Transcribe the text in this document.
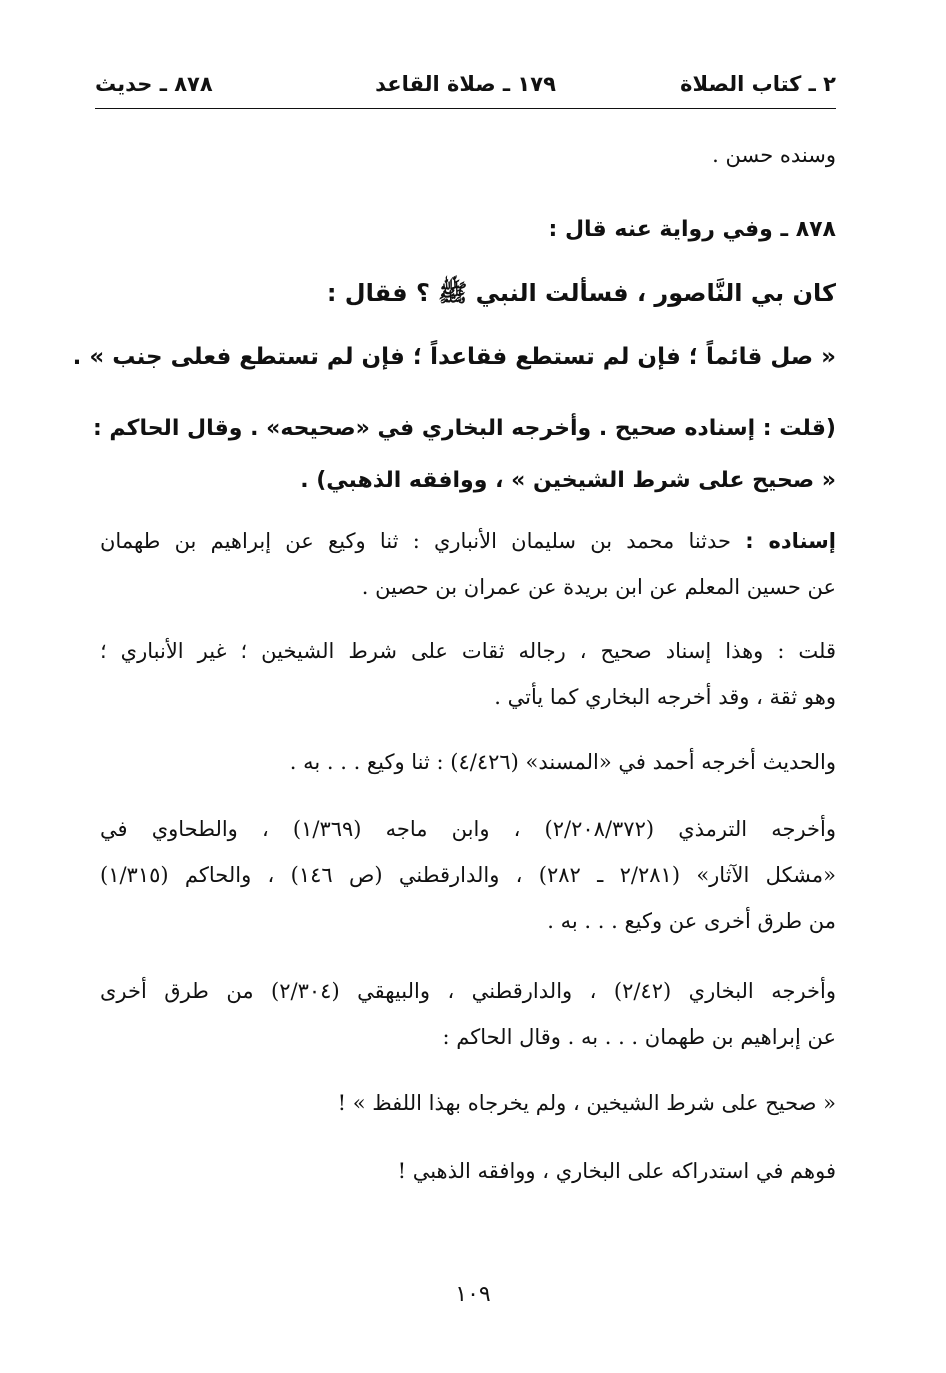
٢ ـ كتاب الصلاة
١٧٩ ـ صلاة القاعد
٨٧٨ ـ حديث

وسنده حسن .

٨٧٨ ـ وفي رواية عنه قال :

كان بي النَّاصور ، فسألت النبي ﷺ ؟ فقال :

« صل قائماً ؛ فإن لم تستطع فقاعداً ؛ فإن لم تستطع فعلى جنب » .

(قلت : إسناده صحيح . وأخرجه البخاري في «صحيحه» . وقال الحاكم :

« صحيح على شرط الشيخين » ، ووافقه الذهبي) .

إسناده : حدثنا محمد بن سليمان الأنباري : ثنا وكيع عن إبراهيم بن طهمان

عن حسين المعلم عن ابن بريدة عن عمران بن حصين .

قلت : وهذا إسناد صحيح ، رجاله ثقات على شرط الشيخين ؛ غير الأنباري ؛

وهو ثقة ، وقد أخرجه البخاري كما يأتي .

والحديث أخرجه أحمد في «المسند» (٤/٤٢٦) : ثنا وكيع . . . به .

وأخرجه الترمذي (٢/٢٠٨/٣٧٢) ، وابن ماجه (١/٣٦٩) ، والطحاوي في

«مشكل الآثار» (٢/٢٨١ ـ ٢٨٢) ، والدارقطني (ص ١٤٦) ، والحاكم (١/٣١٥)

من طرق أخرى عن وكيع . . . به .

وأخرجه البخاري (٢/٤٢) ، والدارقطني ، والبيهقي (٢/٣٠٤) من طرق أخرى

عن إبراهيم بن طهمان . . . به . وقال الحاكم :

« صحيح على شرط الشيخين ، ولم يخرجاه بهذا اللفظ » !

فوهم في استدراكه على البخاري ، ووافقه الذهبي !

١٠٩
